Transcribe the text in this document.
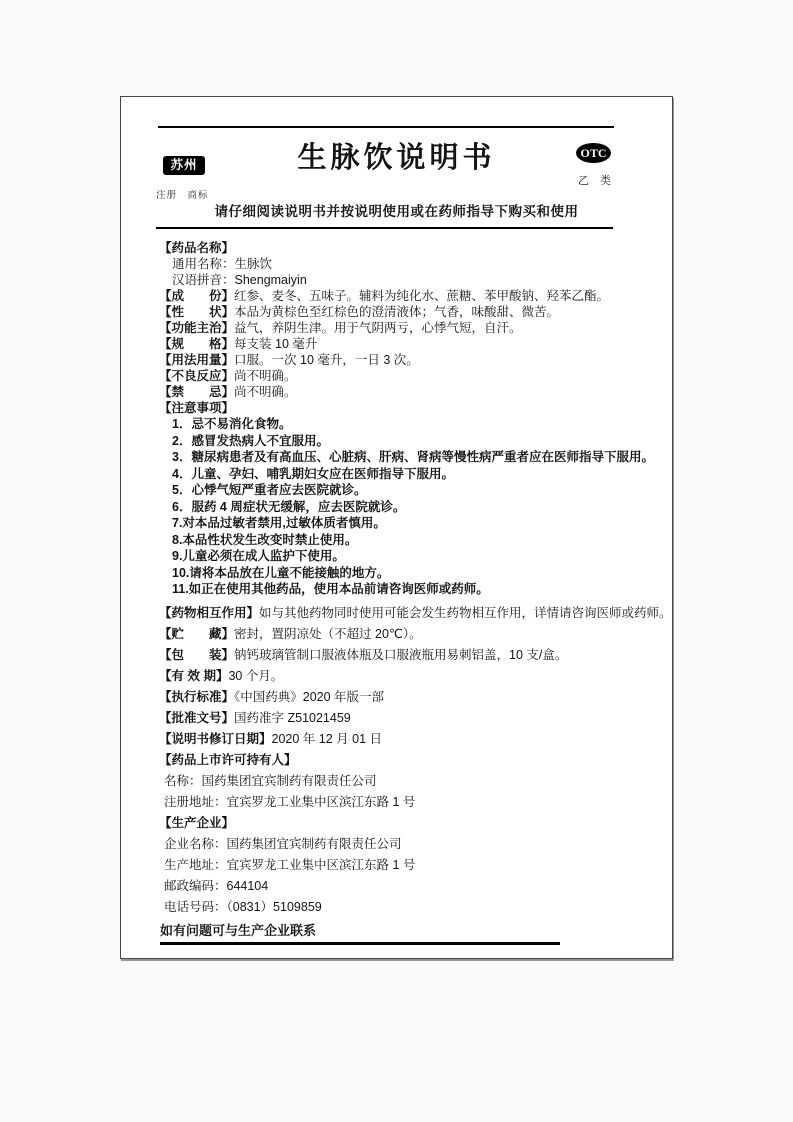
苏州
注册　商标
生脉饮说明书	OTC
乙 类
请仔细阅读说明书并按说明使用或在药师指导下购买和使用
【药品名称】
通用名称：生脉饮
汉语拼音：Shengmaiyin
【成　　份】红参、麦冬、五味子。辅料为纯化水、蔗糖、苯甲酸钠、羟苯乙酯。
【性　　状】本品为黄棕色至红棕色的澄清液体；气香，味酸甜、微苦。
【功能主治】益气，养阴生津。用于气阴两亏，心悸气短，自汗。
【规　　格】每支装 10 毫升
【用法用量】口服。一次 10 毫升，一日 3 次。
【不良反应】尚不明确。
【禁　　忌】尚不明确。
【注意事项】
1．忌不易消化食物。
2．感冒发热病人不宜服用。
3．糖尿病患者及有高血压、心脏病、肝病、肾病等慢性病严重者应在医师指导下服用。
4．儿童、孕妇、哺乳期妇女应在医师指导下服用。
5．心悸气短严重者应去医院就诊。
6．服药 4 周症状无缓解，应去医院就诊。
7.对本品过敏者禁用,过敏体质者慎用。
8.本品性状发生改变时禁止使用。
9.儿童必须在成人监护下使用。
10.请将本品放在儿童不能接触的地方。
11.如正在使用其他药品，使用本品前请咨询医师或药师。
【药物相互作用】如与其他药物同时使用可能会发生药物相互作用，详情请咨询医师或药师。
【贮　　藏】密封，置阴凉处（不超过 20℃）。
【包　　装】钠钙玻璃管制口服液体瓶及口服液瓶用易刺铝盖，10 支/盒。
【有 效 期】30 个月。
【执行标准】《中国药典》2020 年版一部
【批准文号】国药准字 Z51021459
【说明书修订日期】2020 年 12 月 01 日
【药品上市许可持有人】
名称：国药集团宜宾制药有限责任公司
注册地址：宜宾罗龙工业集中区滨江东路 1 号
【生产企业】
企业名称：国药集团宜宾制药有限责任公司
生产地址：宜宾罗龙工业集中区滨江东路 1 号
邮政编码：644104
电话号码：（0831）5109859
如有问题可与生产企业联系
